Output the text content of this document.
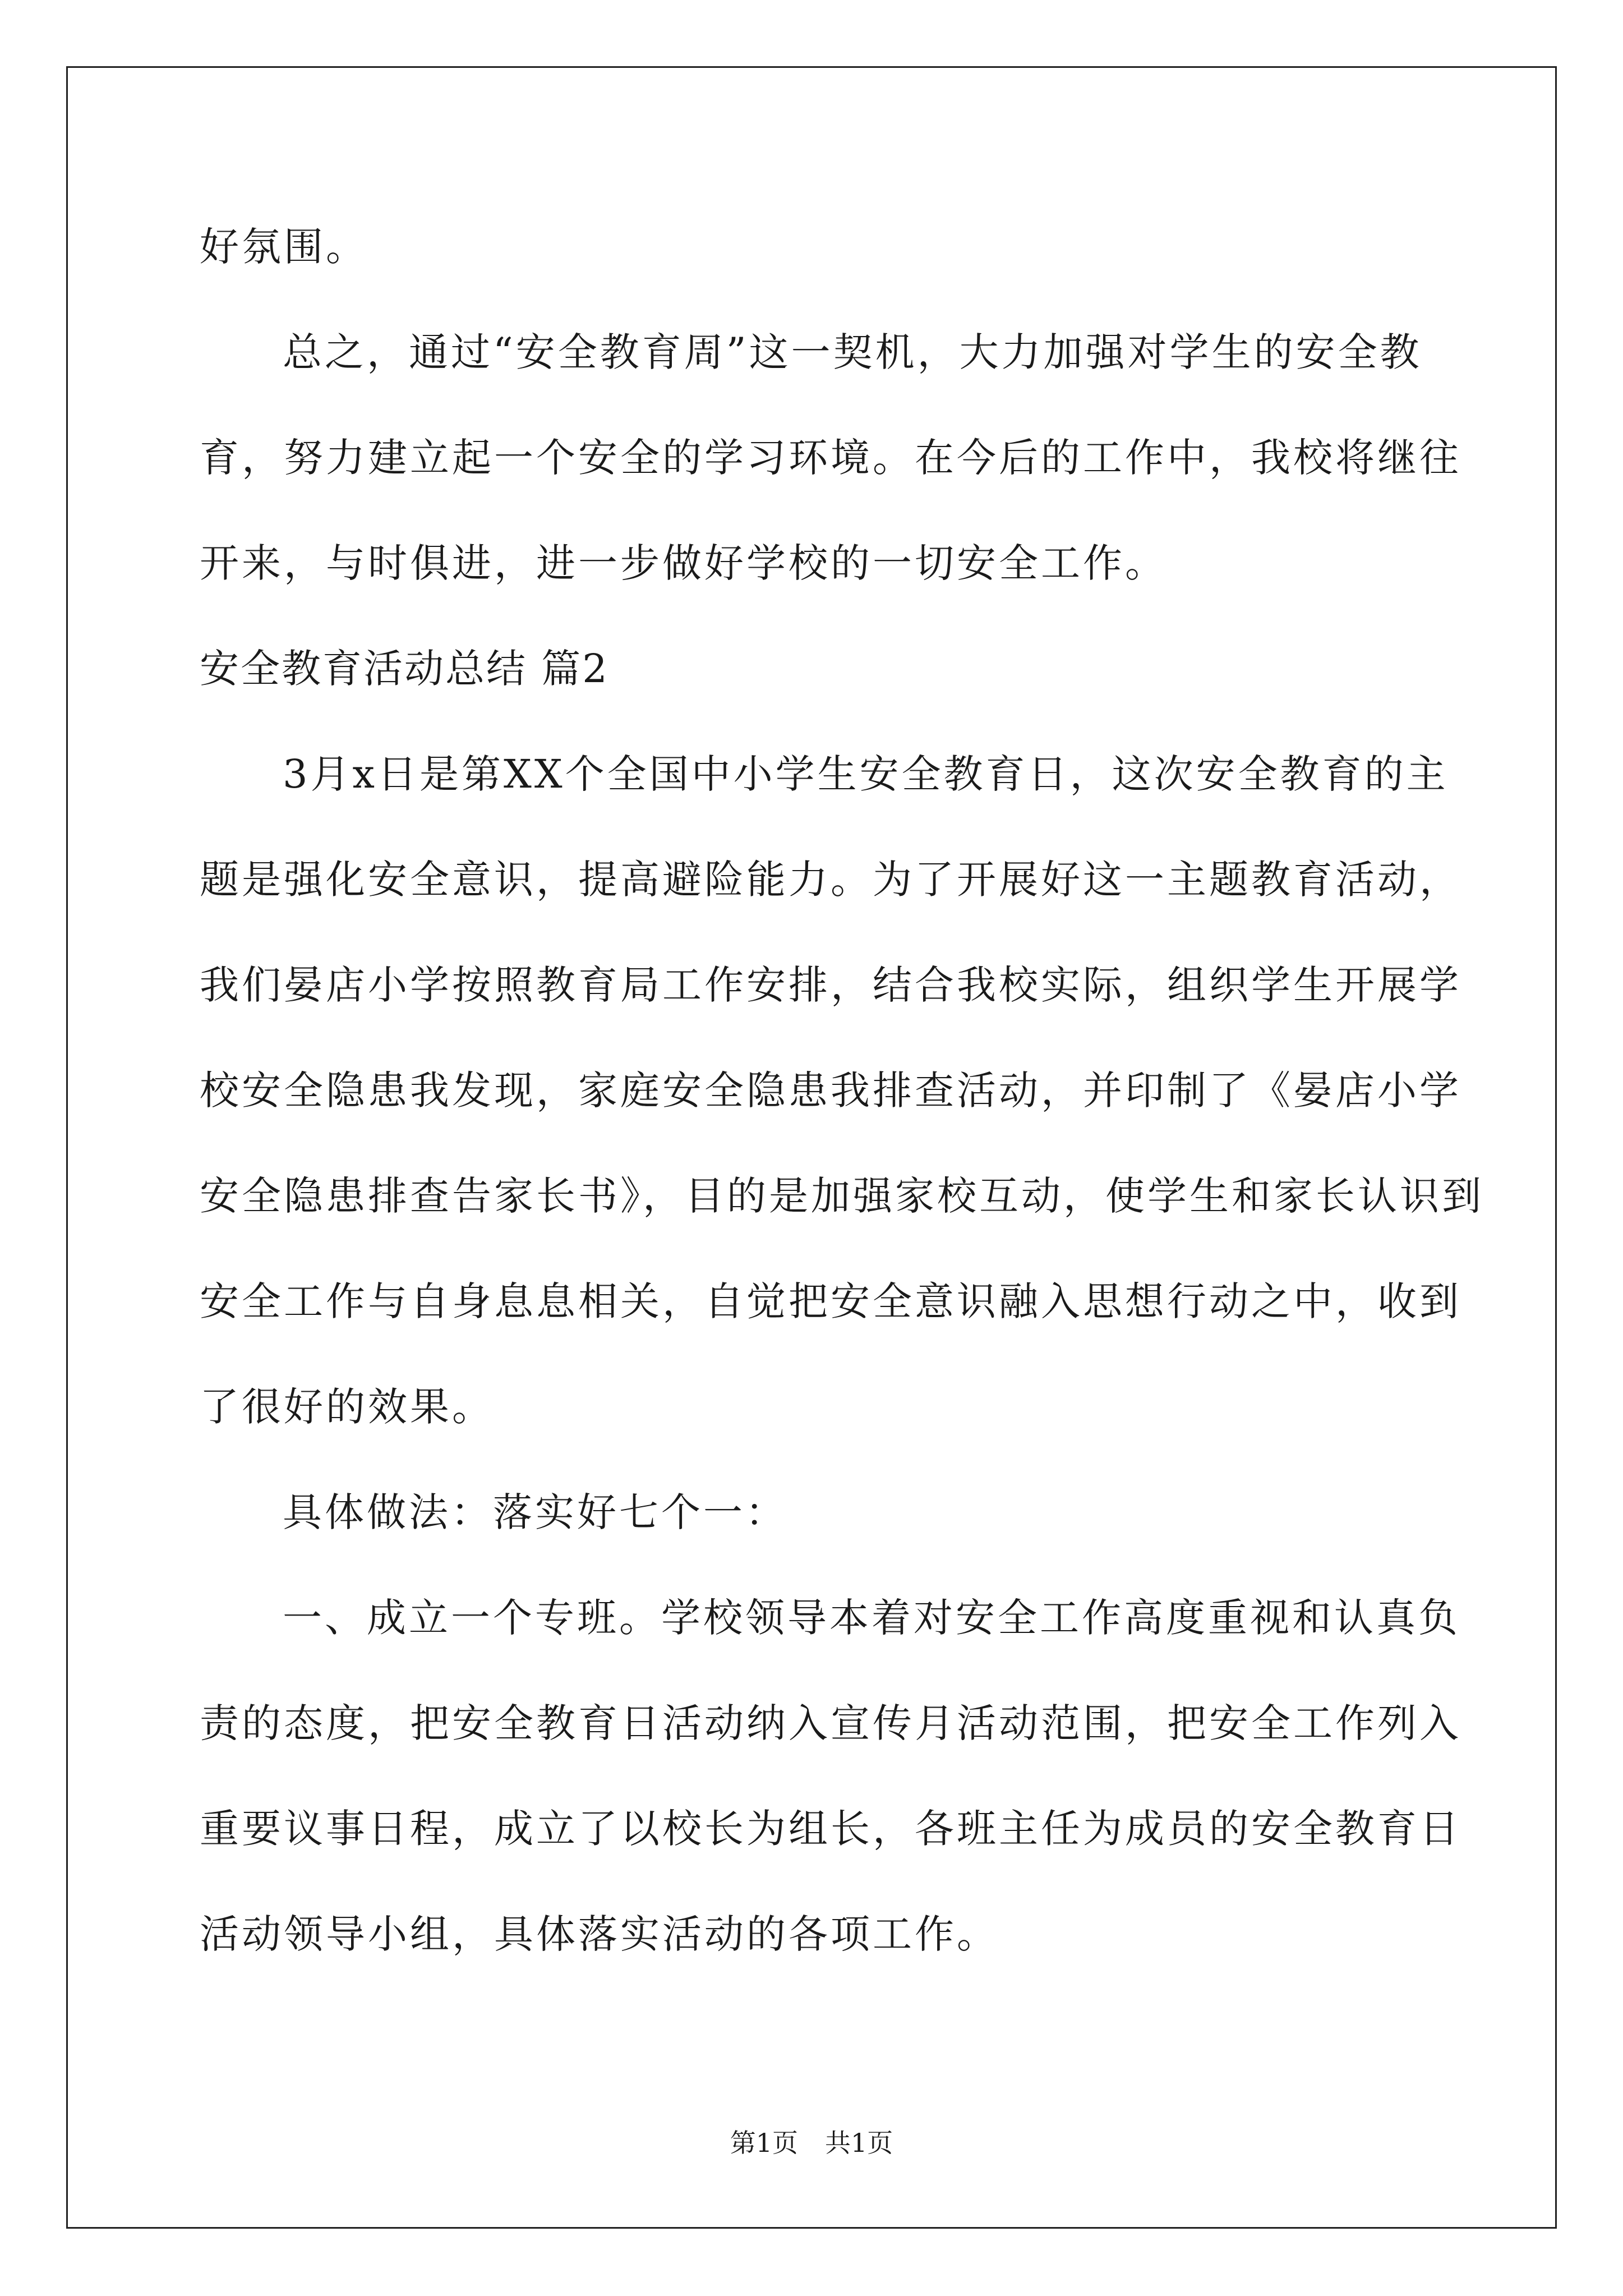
好氛围。
总之，通过“安全教育周”这一契机，大力加强对学生的安全教
育，努力建立起一个安全的学习环境。在今后的工作中，我校将继往
开来，与时俱进，进一步做好学校的一切安全工作。
安全教育活动总结 篇2
3月x日是第XX个全国中小学生安全教育日，这次安全教育的主
题是强化安全意识，提高避险能力。为了开展好这一主题教育活动，
我们晏店小学按照教育局工作安排，结合我校实际，组织学生开展学
校安全隐患我发现，家庭安全隐患我排查活动，并印制了《晏店小学
安全隐患排查告家长书》，目的是加强家校互动，使学生和家长认识到
安全工作与自身息息相关，自觉把安全意识融入思想行动之中，收到
了很好的效果。
具体做法：落实好七个一：
一、成立一个专班。学校领导本着对安全工作高度重视和认真负
责的态度，把安全教育日活动纳入宣传月活动范围，把安全工作列入
重要议事日程，成立了以校长为组长，各班主任为成员的安全教育日
活动领导小组，具体落实活动的各项工作。
第1页 共1页
